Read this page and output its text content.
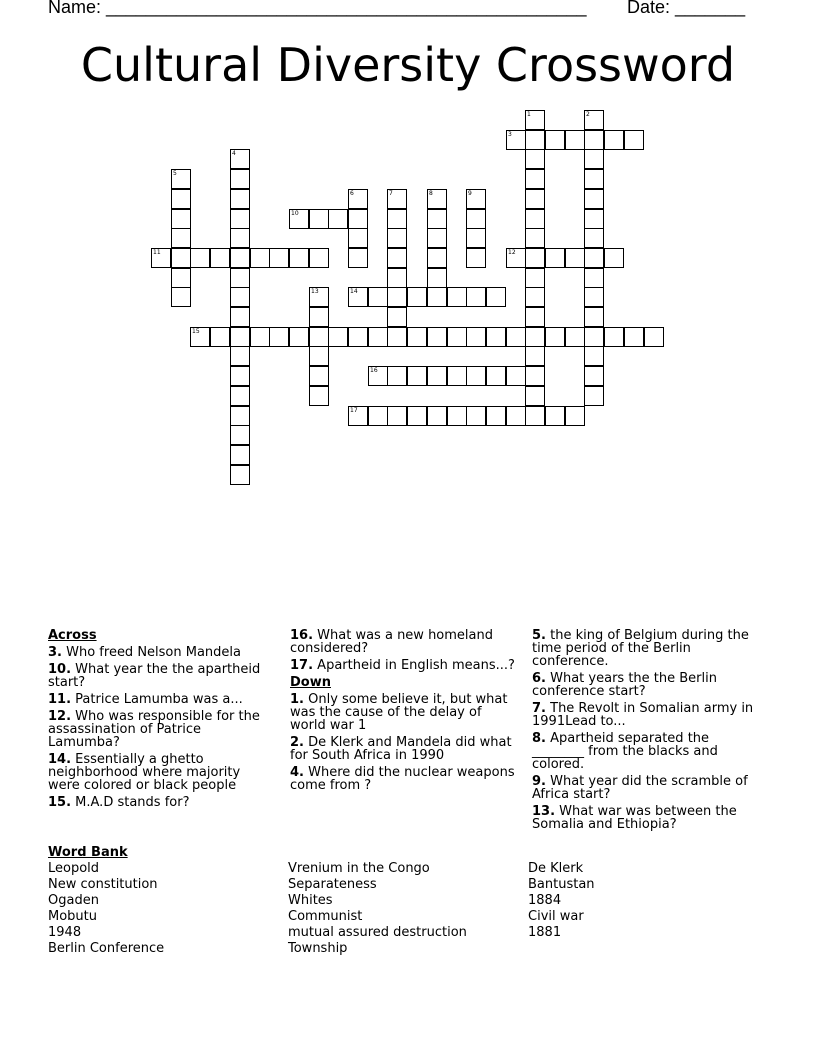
Name: ________________________________________________ Date: _______
Cultural Diversity Crossword
1	2
3
4
5
6	7	8	9
10
11	12
13	14
15
16
17
Across
3. Who freed Nelson Mandela
10. What year the the apartheid start?
11. Patrice Lamumba was a...
12. Who was responsible for the assassination of Patrice Lamumba?
14. Essentially a ghetto neighborhood where majority were colored or black people
15. M.A.D stands for?
16. What was a new homeland considered?
17. Apartheid in English means...?
Down
1. Only some believe it, but what was the cause of the delay of world war 1
2. De Klerk and Mandela did what for South Africa in 1990
4. Where did the nuclear weapons come from ?
5. the king of Belgium during the time period of the Berlin conference.
6. What years the the Berlin conference start?
7. The Revolt in Somalian army in 1991Lead to...
8. Apartheid separated the ________ from the blacks and colored.
9. What year did the scramble of Africa start?
13. What war was between the Somalia and Ethiopia?
Word Bank
Leopold
New constitution
Ogaden
Mobutu
1948
Berlin Conference
Vrenium in the Congo
Separateness
Whites
Communist
mutual assured destruction
Township
De Klerk
Bantustan
1884
Civil war
1881
